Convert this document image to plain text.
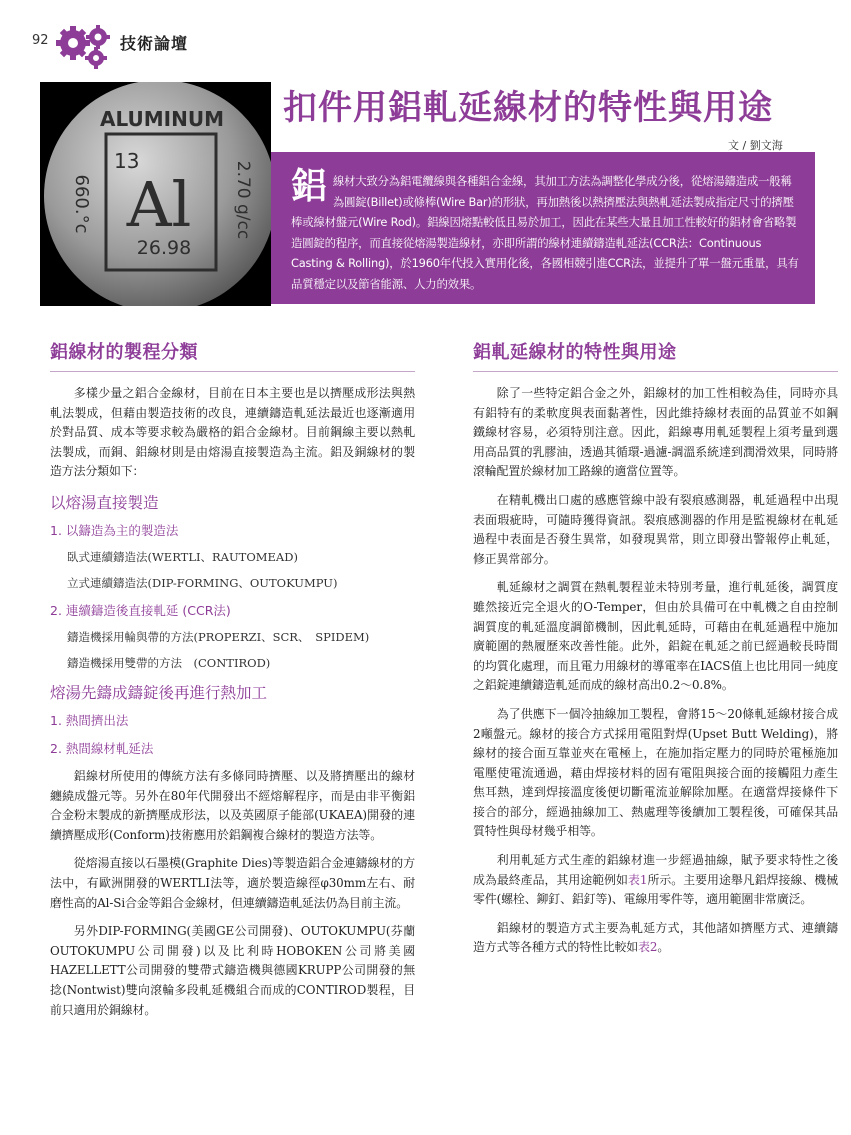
92	技術論壇
ALUMINUM
13
Al
26.98
660.°c	2.70 g/cc
扣件用鋁軋延線材的特性與用途
文 / 劉文海
鋁線材大致分為鋁電纜線與各種鋁合金線，其加工方法為調整化學成分後，從熔湯鑄造成一般稱為圓錠(Billet)或條棒(Wire Bar)的形狀，再加熱後以熱擠壓法與熱軋延法製成指定尺寸的擠壓棒或線材盤元(Wire Rod)。鋁線因熔點較低且易於加工，因此在某些大量且加工性較好的鋁材會省略製造圓錠的程序，而直接從熔湯製造線材，亦即所謂的線材連續鑄造軋延法(CCR法：Continuous Casting & Rolling)，於1960年代投入實用化後，各國相競引進CCR法，並提升了單一盤元重量，具有品質穩定以及節省能源、人力的效果。
鋁線材的製程分類

多樣少量之鋁合金線材，目前在日本主要也是以擠壓成形法與熱軋法製成，但藉由製造技術的改良，連續鑄造軋延法最近也逐漸適用於對品質、成本等要求較為嚴格的鋁合金線材。目前鋼線主要以熱軋法製成，而銅、鋁線材則是由熔湯直接製造為主流。鋁及銅線材的製造方法分類如下：

以熔湯直接製造
1. 以鑄造為主的製造法
臥式連續鑄造法(WERTLI、RAUTOMEAD)
立式連續鑄造法(DIP-FORMING、OUTOKUMPU)
2. 連續鑄造後直接軋延 (CCR法)
鑄造機採用輪與帶的方法(PROPERZI、SCR、　SPIDEM)
鑄造機採用雙帶的方法　(CONTIROD)
熔湯先鑄成鑄錠後再進行熱加工
1. 熱間擠出法
2. 熱間線材軋延法

鋁線材所使用的傳統方法有多條同時擠壓、以及將擠壓出的線材纏繞成盤元等。另外在80年代開發出不經熔解程序，而是由非平衡鋁合金粉末製成的新擠壓成形法，以及英國原子能部(UKAEA)開發的連續擠壓成形(Conform)技術應用於鋁鋼複合線材的製造方法等。

從熔湯直接以石墨模(Graphite Dies)等製造鋁合金連鑄線材的方法中，有歐洲開發的WERTLI法等，適於製造線徑φ30mm左右、耐磨性高的Al-Si合金等鋁合金線材，但連續鑄造軋延法仍為目前主流。

另外DIP-FORMING(美國GE公司開發)、OUTOKUMPU(芬蘭OUTOKUMPU公司開發)以及比利時HOBOKEN公司將美國HAZELLETT公司開發的雙帶式鑄造機與德國KRUPP公司開發的無捻(Nontwist)雙向滾輪多段軋延機組合而成的CONTIROD製程，目前只適用於銅線材。

鋁軋延線材的特性與用途

除了一些特定鋁合金之外，鋁線材的加工性相較為佳，同時亦具有鋁特有的柔軟度與表面黏著性，因此維持線材表面的品質並不如鋼鐵線材容易，必須特別注意。因此，鋁線專用軋延製程上須考量到選用高品質的乳膠油，透過其循環-過濾-調溫系統達到潤滑效果，同時將滾輪配置於線材加工路線的適當位置等。

在精軋機出口處的感應管線中設有裂痕感測器，軋延過程中出現表面瑕疵時，可隨時獲得資訊。裂痕感測器的作用是監視線材在軋延過程中表面是否發生異常，如發現異常，則立即發出警報停止軋延，修正異常部分。

軋延線材之調質在熱軋製程並未特別考量，進行軋延後，調質度雖然接近完全退火的O-Temper，但由於具備可在中軋機之自由控制調質度的軋延溫度調節機制，因此軋延時，可藉由在軋延過程中施加廣範圍的熱履歷來改善性能。此外，鋁錠在軋延之前已經過較長時間的均質化處理，而且電力用線材的導電率在IACS值上也比用同一純度之鋁錠連續鑄造軋延而成的線材高出0.2～0.8%。

為了供應下一個冷抽線加工製程，會將15～20條軋延線材接合成2噸盤元。線材的接合方式採用電阻對焊(Upset Butt Welding)，將線材的接合面互靠並夾在電極上，在施加指定壓力的同時於電極施加電壓使電流通過，藉由焊接材料的固有電阻與接合面的接觸阻力產生焦耳熱，達到焊接溫度後便切斷電流並解除加壓。在適當焊接條件下接合的部分，經過抽線加工、熱處理等後續加工製程後，可確保其品質特性與母材幾乎相等。

利用軋延方式生產的鋁線材進一步經過抽線，賦予要求特性之後成為最終產品，其用途範例如表1所示。主要用途舉凡鋁焊接線、機械零件(螺栓、鉚釘、鋁釘等)、電線用零件等，適用範圍非常廣泛。

鋁線材的製造方式主要為軋延方式，其他諸如擠壓方式、連續鑄造方式等各種方式的特性比較如表2。
